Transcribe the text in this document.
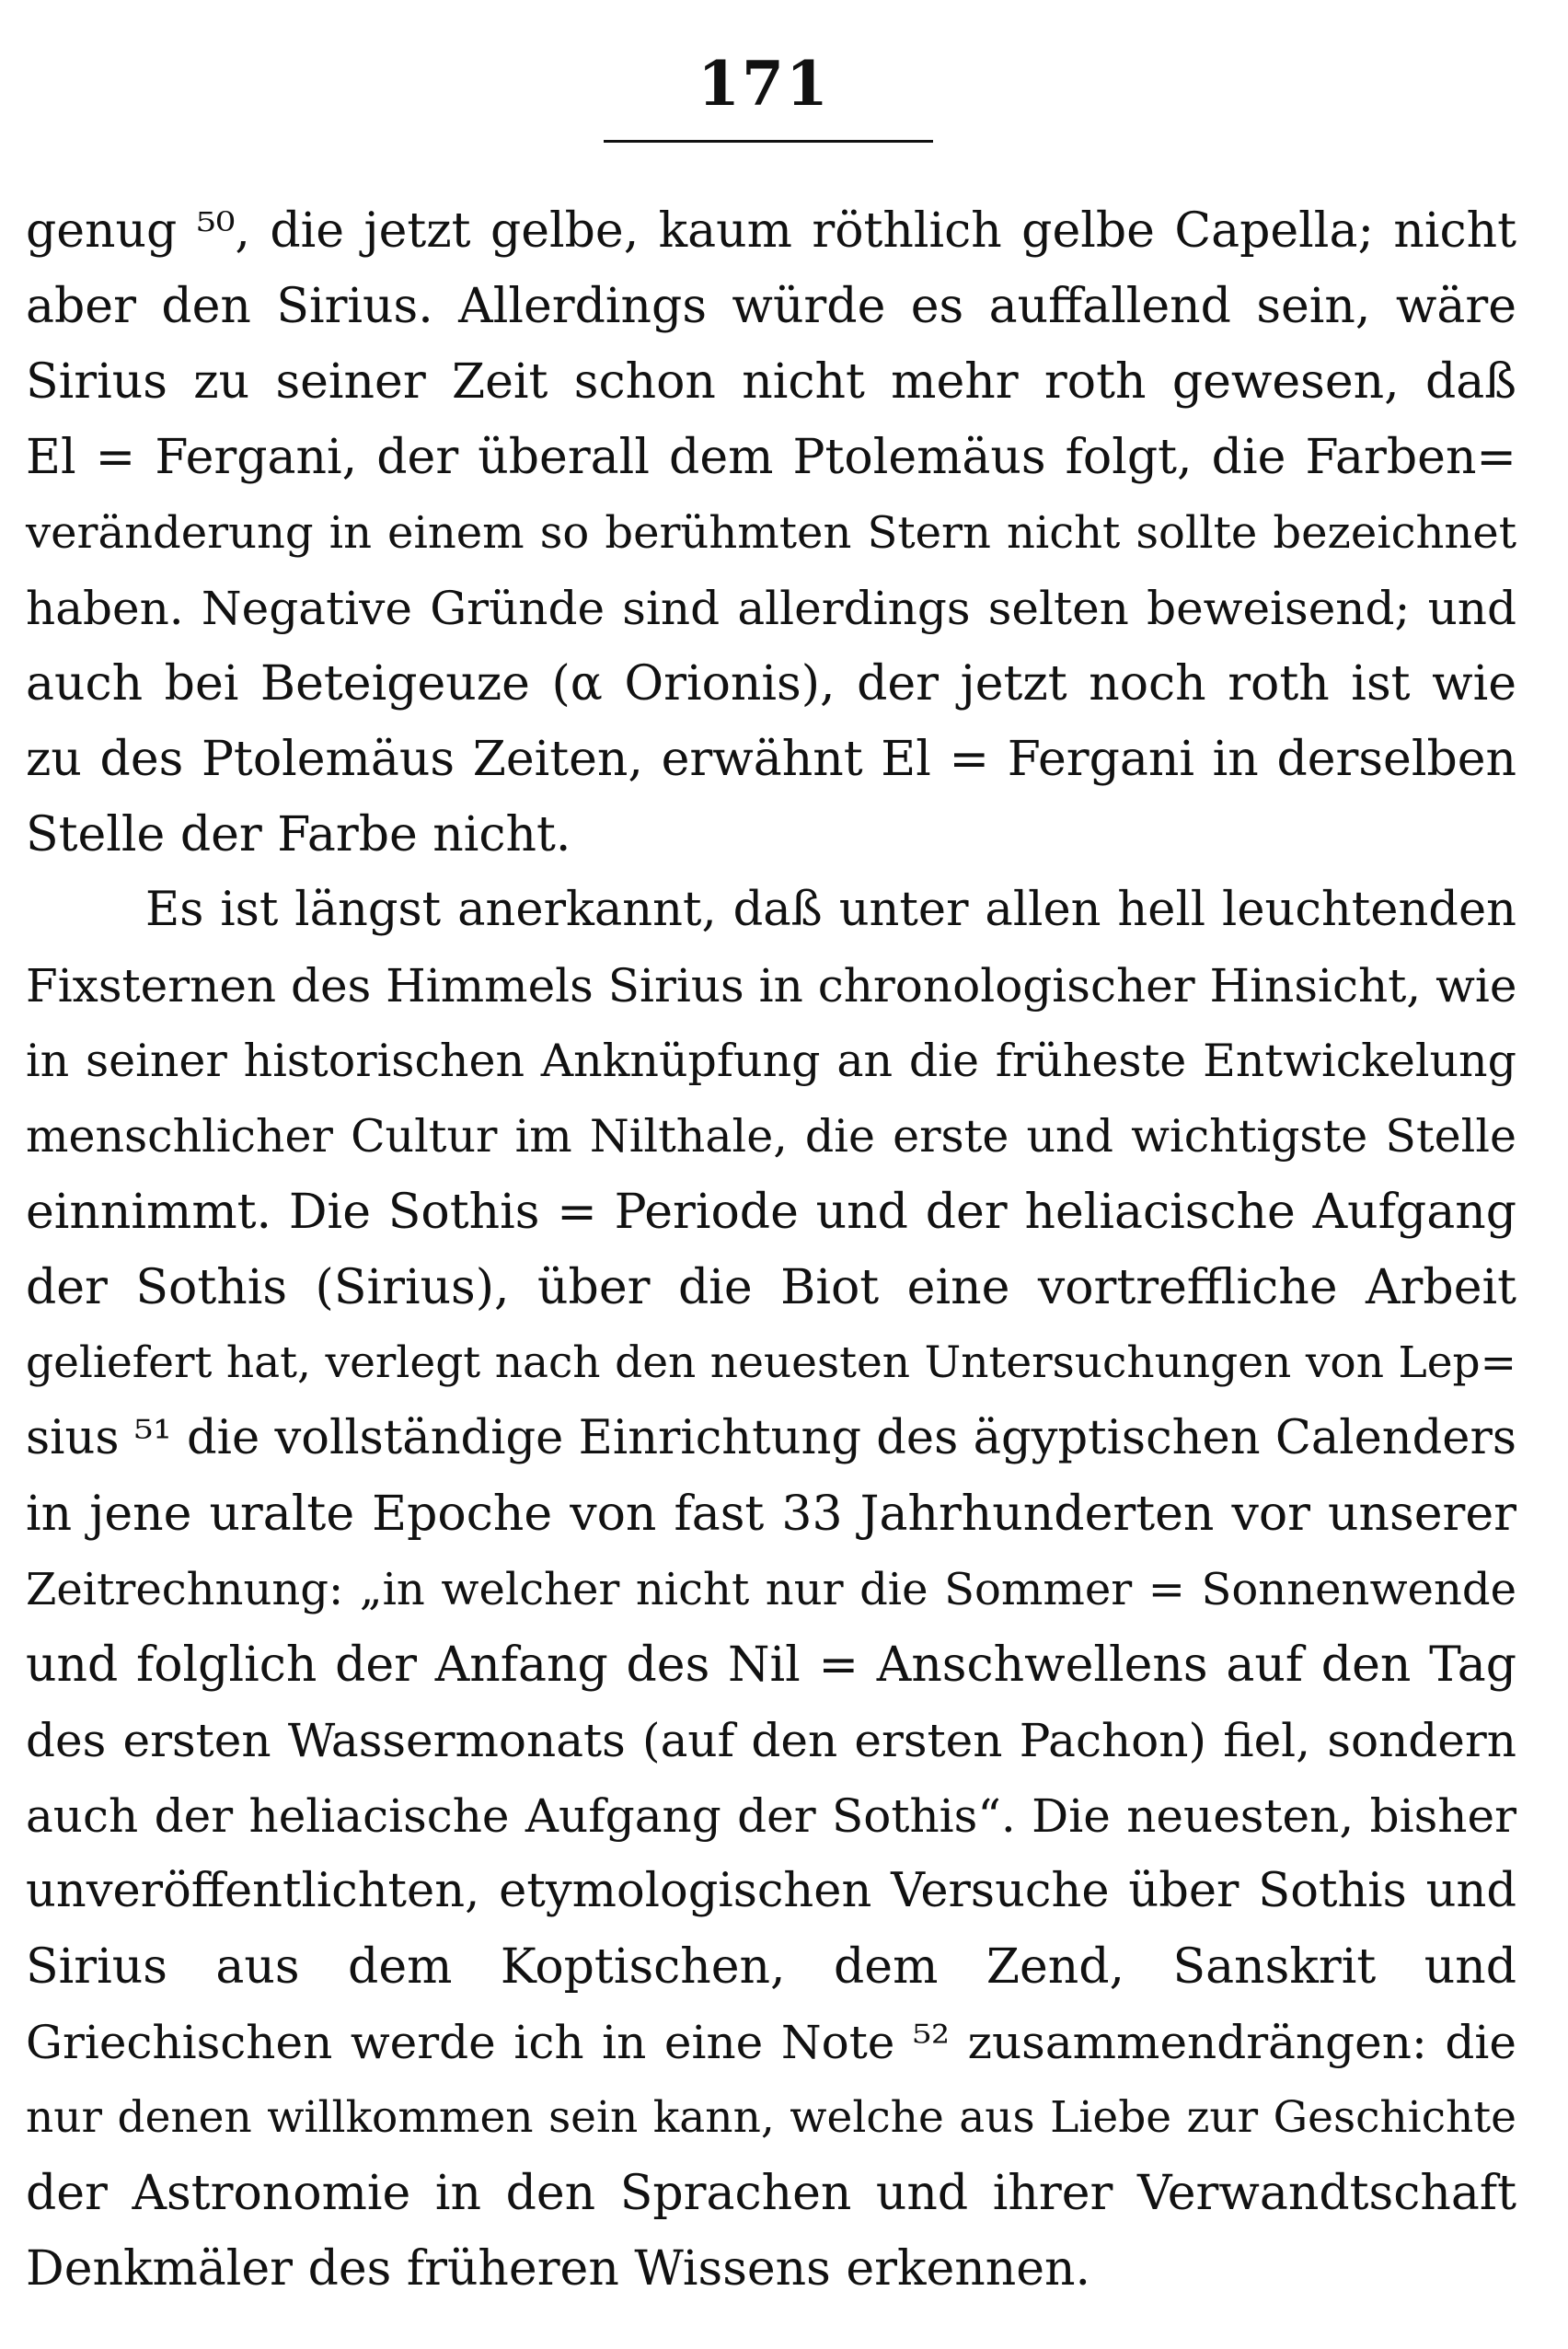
171
genug ⁵⁰, die jetzt gelbe, kaum röthlich gelbe Capella; nicht
aber den Sirius. Allerdings würde es auffallend sein, wäre
Sirius zu seiner Zeit schon nicht mehr roth gewesen, daß
El = Fergani, der überall dem Ptolemäus folgt, die Farben=
veränderung in einem so berühmten Stern nicht sollte bezeichnet
haben. Negative Gründe sind allerdings selten beweisend; und
auch bei Beteigeuze (α Orionis), der jetzt noch roth ist wie
zu des Ptolemäus Zeiten, erwähnt El = Fergani in derselben
Stelle der Farbe nicht.
Es ist längst anerkannt, daß unter allen hell leuchtenden
Fixsternen des Himmels Sirius in chronologischer Hinsicht, wie
in seiner historischen Anknüpfung an die früheste Entwickelung
menschlicher Cultur im Nilthale, die erste und wichtigste Stelle
einnimmt. Die Sothis = Periode und der heliacische Aufgang
der Sothis (Sirius), über die Biot eine vortreffliche Arbeit
geliefert hat, verlegt nach den neuesten Untersuchungen von Lep=
sius ⁵¹ die vollständige Einrichtung des ägyptischen Calenders
in jene uralte Epoche von fast 33 Jahrhunderten vor unserer
Zeitrechnung: „in welcher nicht nur die Sommer = Sonnenwende
und folglich der Anfang des Nil = Anschwellens auf den Tag
des ersten Wassermonats (auf den ersten Pachon) fiel, sondern
auch der heliacische Aufgang der Sothis“. Die neuesten, bisher
unveröffentlichten, etymologischen Versuche über Sothis und
Sirius aus dem Koptischen, dem Zend, Sanskrit und
Griechischen werde ich in eine Note ⁵² zusammendrängen: die
nur denen willkommen sein kann, welche aus Liebe zur Geschichte
der Astronomie in den Sprachen und ihrer Verwandtschaft
Denkmäler des früheren Wissens erkennen.
